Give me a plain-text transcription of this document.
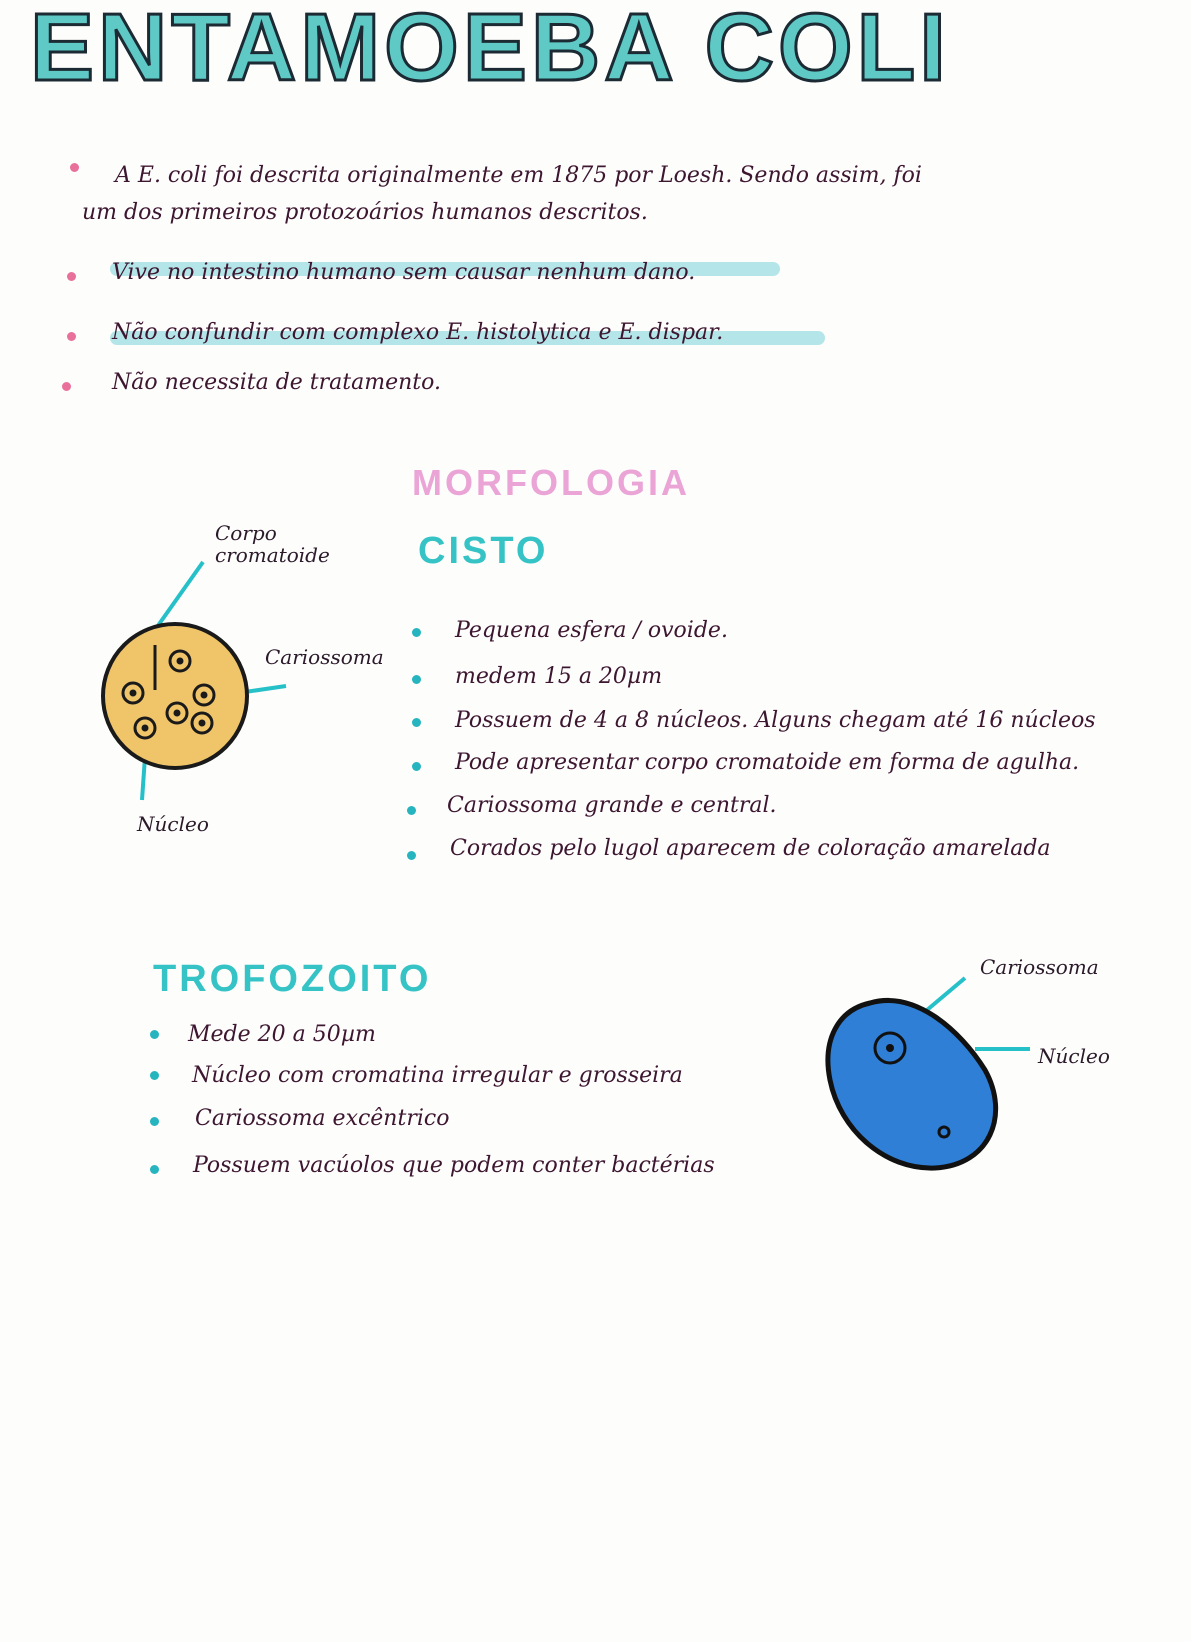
ENTAMOEBA COLI
A E. coli foi descrita originalmente em 1875 por Loesh. Sendo assim, foi
um dos primeiros protozoários humanos descritos.
Vive no intestino humano sem causar nenhum dano.
Não confundir com complexo E. histolytica e E. dispar.
Não necessita de tratamento.
MORFOLOGIA
CISTO
Corpo cromatoide
Cariossoma
Núcleo
Pequena esfera / ovoide.
medem 15 a 20µm
Possuem de 4 a 8 núcleos. Alguns chegam até 16 núcleos
Pode apresentar corpo cromatoide em forma de agulha.
Cariossoma grande e central.
Corados pelo lugol aparecem de coloração amarelada
TROFOZOITO
Mede 20 a 50µm
Núcleo com cromatina irregular e grosseira
Cariossoma excêntrico
Possuem vacúolos que podem conter bactérias
Cariossoma
Núcleo
